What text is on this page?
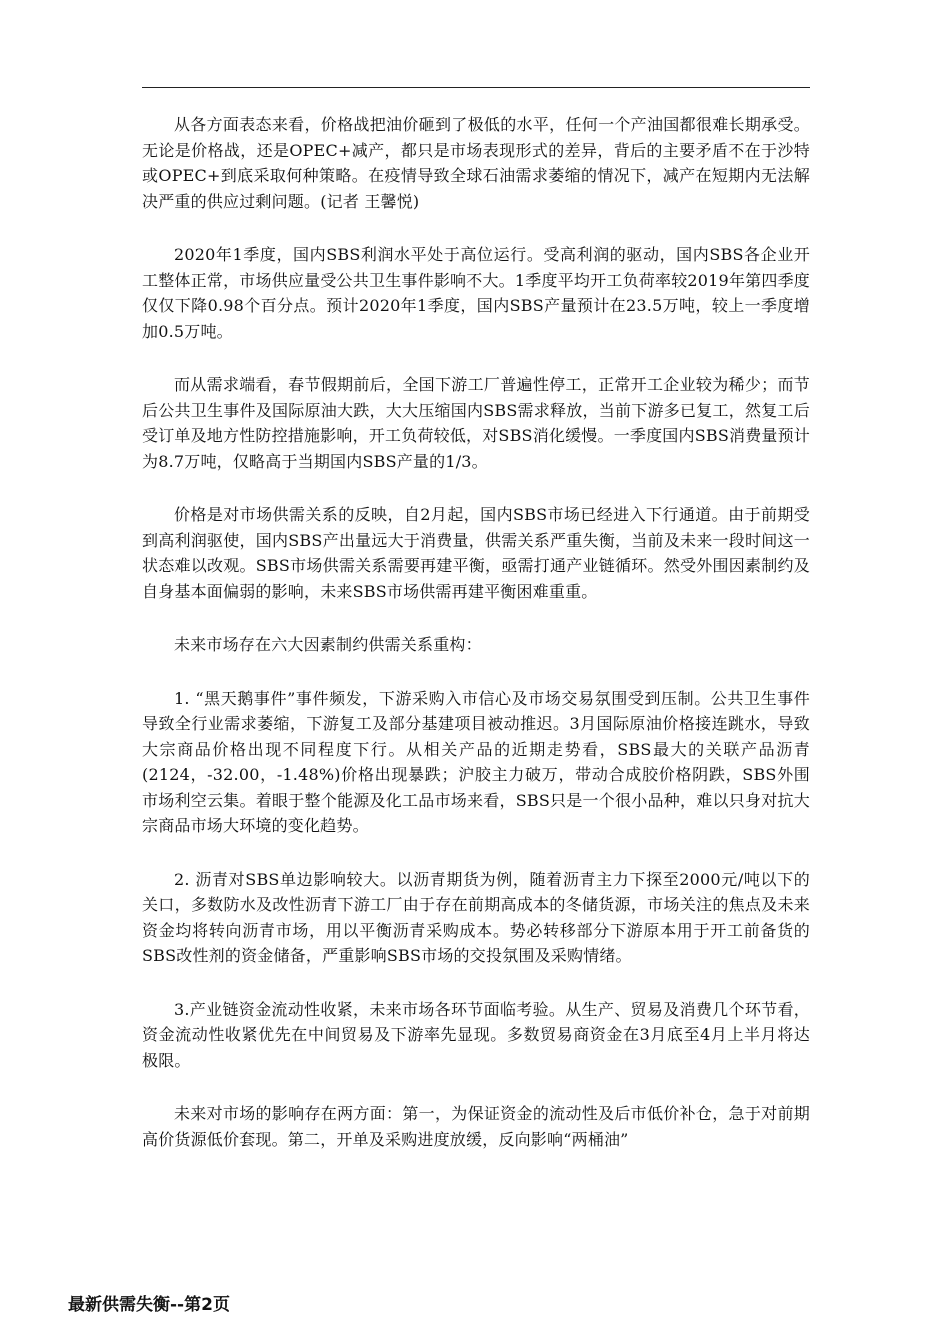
从各方面表态来看，价格战把油价砸到了极低的水平，任何一个产油国都很难长期承受。无论是价格战，还是OPEC+减产，都只是市场表现形式的差异，背后的主要矛盾不在于沙特或OPEC+到底采取何种策略。在疫情导致全球石油需求萎缩的情况下，减产在短期内无法解决严重的供应过剩问题。(记者 王馨悦)

2020年1季度，国内SBS利润水平处于高位运行。受高利润的驱动，国内SBS各企业开工整体正常，市场供应量受公共卫生事件影响不大。1季度平均开工负荷率较2019年第四季度仅仅下降0.98个百分点。预计2020年1季度，国内SBS产量预计在23.5万吨，较上一季度增加0.5万吨。

而从需求端看，春节假期前后，全国下游工厂普遍性停工，正常开工企业较为稀少；而节后公共卫生事件及国际原油大跌，大大压缩国内SBS需求释放，当前下游多已复工，然复工后受订单及地方性防控措施影响，开工负荷较低，对SBS消化缓慢。一季度国内SBS消费量预计为8.7万吨，仅略高于当期国内SBS产量的1/3。

价格是对市场供需关系的反映，自2月起，国内SBS市场已经进入下行通道。由于前期受到高利润驱使，国内SBS产出量远大于消费量，供需关系严重失衡，当前及未来一段时间这一状态难以改观。SBS市场供需关系需要再建平衡，亟需打通产业链循环。然受外围因素制约及自身基本面偏弱的影响，未来SBS市场供需再建平衡困难重重。

未来市场存在六大因素制约供需关系重构：

1. “黑天鹅事件”事件频发，下游采购入市信心及市场交易氛围受到压制。公共卫生事件导致全行业需求萎缩，下游复工及部分基建项目被动推迟。3月国际原油价格接连跳水，导致大宗商品价格出现不同程度下行。从相关产品的近期走势看，SBS最大的关联产品沥青(2124，-32.00，-1.48%)价格出现暴跌；沪胶主力破万，带动合成胶价格阴跌，SBS外围市场利空云集。着眼于整个能源及化工品市场来看，SBS只是一个很小品种，难以只身对抗大宗商品市场大环境的变化趋势。

2. 沥青对SBS单边影响较大。以沥青期货为例，随着沥青主力下探至2000元/吨以下的关口，多数防水及改性沥青下游工厂由于存在前期高成本的冬储货源，市场关注的焦点及未来资金均将转向沥青市场，用以平衡沥青采购成本。势必转移部分下游原本用于开工前备货的SBS改性剂的资金储备，严重影响SBS市场的交投氛围及采购情绪。

3.产业链资金流动性收紧，未来市场各环节面临考验。从生产、贸易及消费几个环节看，资金流动性收紧优先在中间贸易及下游率先显现。多数贸易商资金在3月底至4月上半月将达极限。

未来对市场的影响存在两方面：第一，为保证资金的流动性及后市低价补仓，急于对前期高价货源低价套现。第二，开单及采购进度放缓，反向影响“两桶油”

最新供需失衡--第2页
